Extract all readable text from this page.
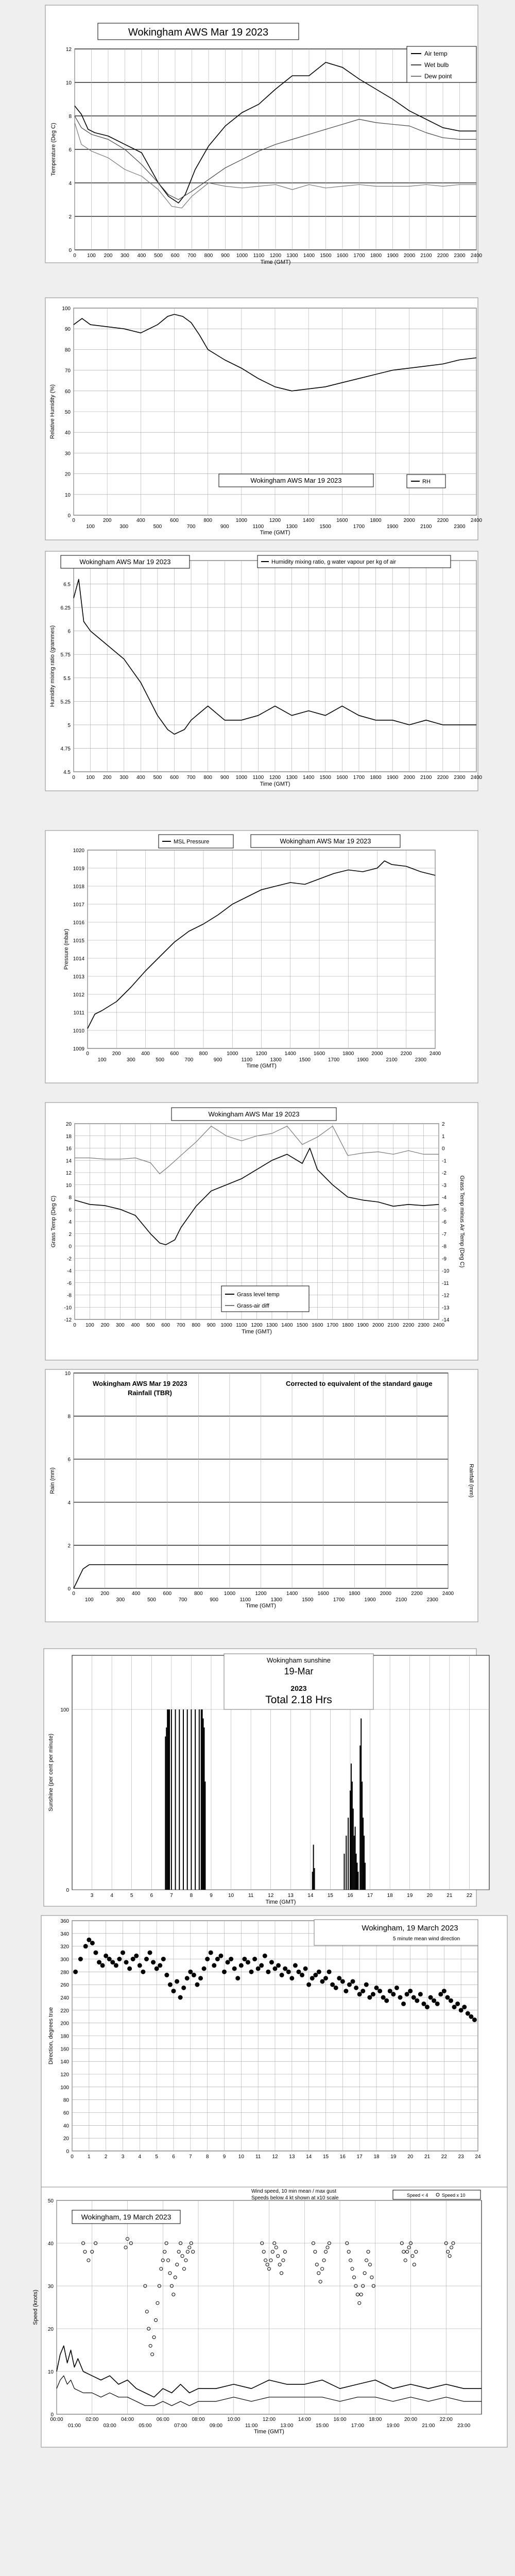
0
2
4
6
8
10
12
0 100 200 300 400 500 600 700 800 900 1000 1100 1200 1300 1400 1500 1600 1700 1800 1900 2000 2100 2200 2300 2400
Time (GMT)
Temperature (Deg C)
Wokingham AWS Mar 19 2023
Air temp
Wet bulb
Dew point
0
10
20
30
40
50
60
70
80
90
100
0	200	400	600	800	1000	1200	1400	1600	1800	2000	2200	2400
100	300	500	700	900	1100	1300	1500	1700	1900	2100	2300
Time (GMT)
Relative Humidity (%)
Wokingham AWS Mar 19 2023	RH
4.5
4.75
5
5.25
5.5
5.75
6
6.25
6.5
0 100 200 300 400 500 600 700 800 900 1000 1100 1200 1300 1400 1500 1600 1700 1800 1900 2000 2100 2200 2300 2400
Time (GMT)
Humidity mixing ratio (grammes)
Wokingham AWS Mar 19 2023	Humidity mixing ratio, g water vapour per kg of air
1009
1010
1011
1012
1013
1014
1015
1016
1017
1018
1019
1020
0	200	400	600	800	1000	1200	1400	1600	1800	2000	2200	2400
100	300	500	700	900	1100	1300	1500	1700	1900	2100	2300
Time (GMT)
Pressure (mbar)
Wokingham AWS Mar 19 2023
MSL Pressure
-12
-10
-8
-6
-4
-2
0
2
4
6
8
10
12
14
16
18
20
-14
-13
-12
-11
-10
-9
-8
-7
-6
-5
-4
-3
-2
-1
0
1
2
0 100 200 300 400 500 600 700 800 900 1000 1100 1200 1300 1400 1500 1600 1700 1800 1900 2000 2100 2200 2300 2400
Time (GMT)
Grass Temp (Deg C)	Grass Temp minus Air Temp (Deg C)
Wokingham AWS Mar 19 2023
Grass level temp
Grass-air diff
0
2
4
6
8
10
0	200	400	600	800	1000	1200	1400	1600	1800	2000	2200	2400
100	300	500	700	900	1100	1300	1500	1700	1900	2100	2300
Time (GMT)
Rain (mm)	Rainfall (mm)
Wokingham AWS Mar 19 2023
Rainfall (TBR)
Corrected to equivalent of the standard gauge
0
100
3	4	5	6	7	8	9	10	11	12	13	14	15	16	17	18	19	20	21	22
Time (GMT)
Sunshine (per cent per minute)
Wokingham sunshine
19-Mar
2023
Total 2.18 Hrs
0
20
40
60
80
100
120
140
160
180
200
220
240
260
280
300
320
340
360
0	1	2	3	4	5	6	7	8	9 10 11 12 13 14 15 16 17 18 19 20 21 22 23 24
Direction, degrees true
Wokingham, 19 March 2023
5 minute mean wind direction
0
10
20
30
40
50
00:00	02:00	04:00	06:00	08:00	10:00	12:00	14:00	16:00	18:00	20:00	22:00
01:00	03:00	05:00	07:00	09:00	11:00	13:00	15:00	17:00	19:00	21:00	23:00
Time (GMT)
Speed (knots)
Wokingham, 19 March 2023
Wind speed, 10 min mean / max gust
Speeds below 4 kt shown at x10 scale	Speed < 4	Speed x 10
